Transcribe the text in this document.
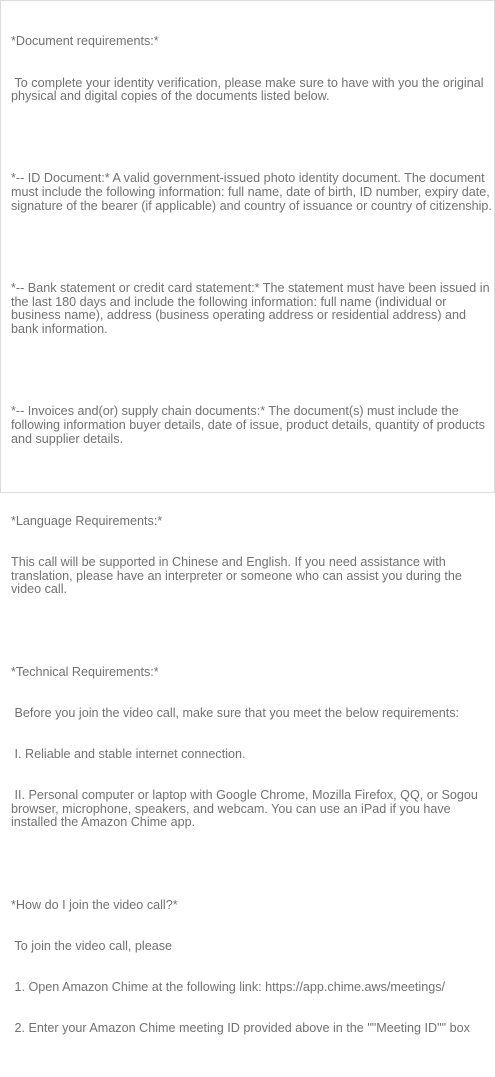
*Document requirements:*

To complete your identity verification, please make sure to have with you the original physical and digital copies of the documents listed below.

*-- ID Document:* A valid government-issued photo identity document. The document must include the following information: full name, date of birth, ID number, expiry date, signature of the bearer (if applicable) and country of issuance or country of citizenship.

*-- Bank statement or credit card statement:* The statement must have been issued in the last 180 days and include the following information: full name (individual or business name), address (business operating address or residential address) and bank information.

*-- Invoices and(or) supply chain documents:* The document(s) must include the following information buyer details, date of issue, product details, quantity of products and supplier details.

*Language Requirements:*

This call will be supported in Chinese and English. If you need assistance with translation, please have an interpreter or someone who can assist you during the video call.

*Technical Requirements:*

Before you join the video call, make sure that you meet the below requirements:

I. Reliable and stable internet connection.

II. Personal computer or laptop with Google Chrome, Mozilla Firefox, QQ, or Sogou browser, microphone, speakers, and webcam. You can use an iPad if you have installed the Amazon Chime app.

*How do I join the video call?*

To join the video call, please

1. Open Amazon Chime at the following link: https://app.chime.aws/meetings/

2. Enter your Amazon Chime meeting ID provided above in the ""Meeting ID"" box
